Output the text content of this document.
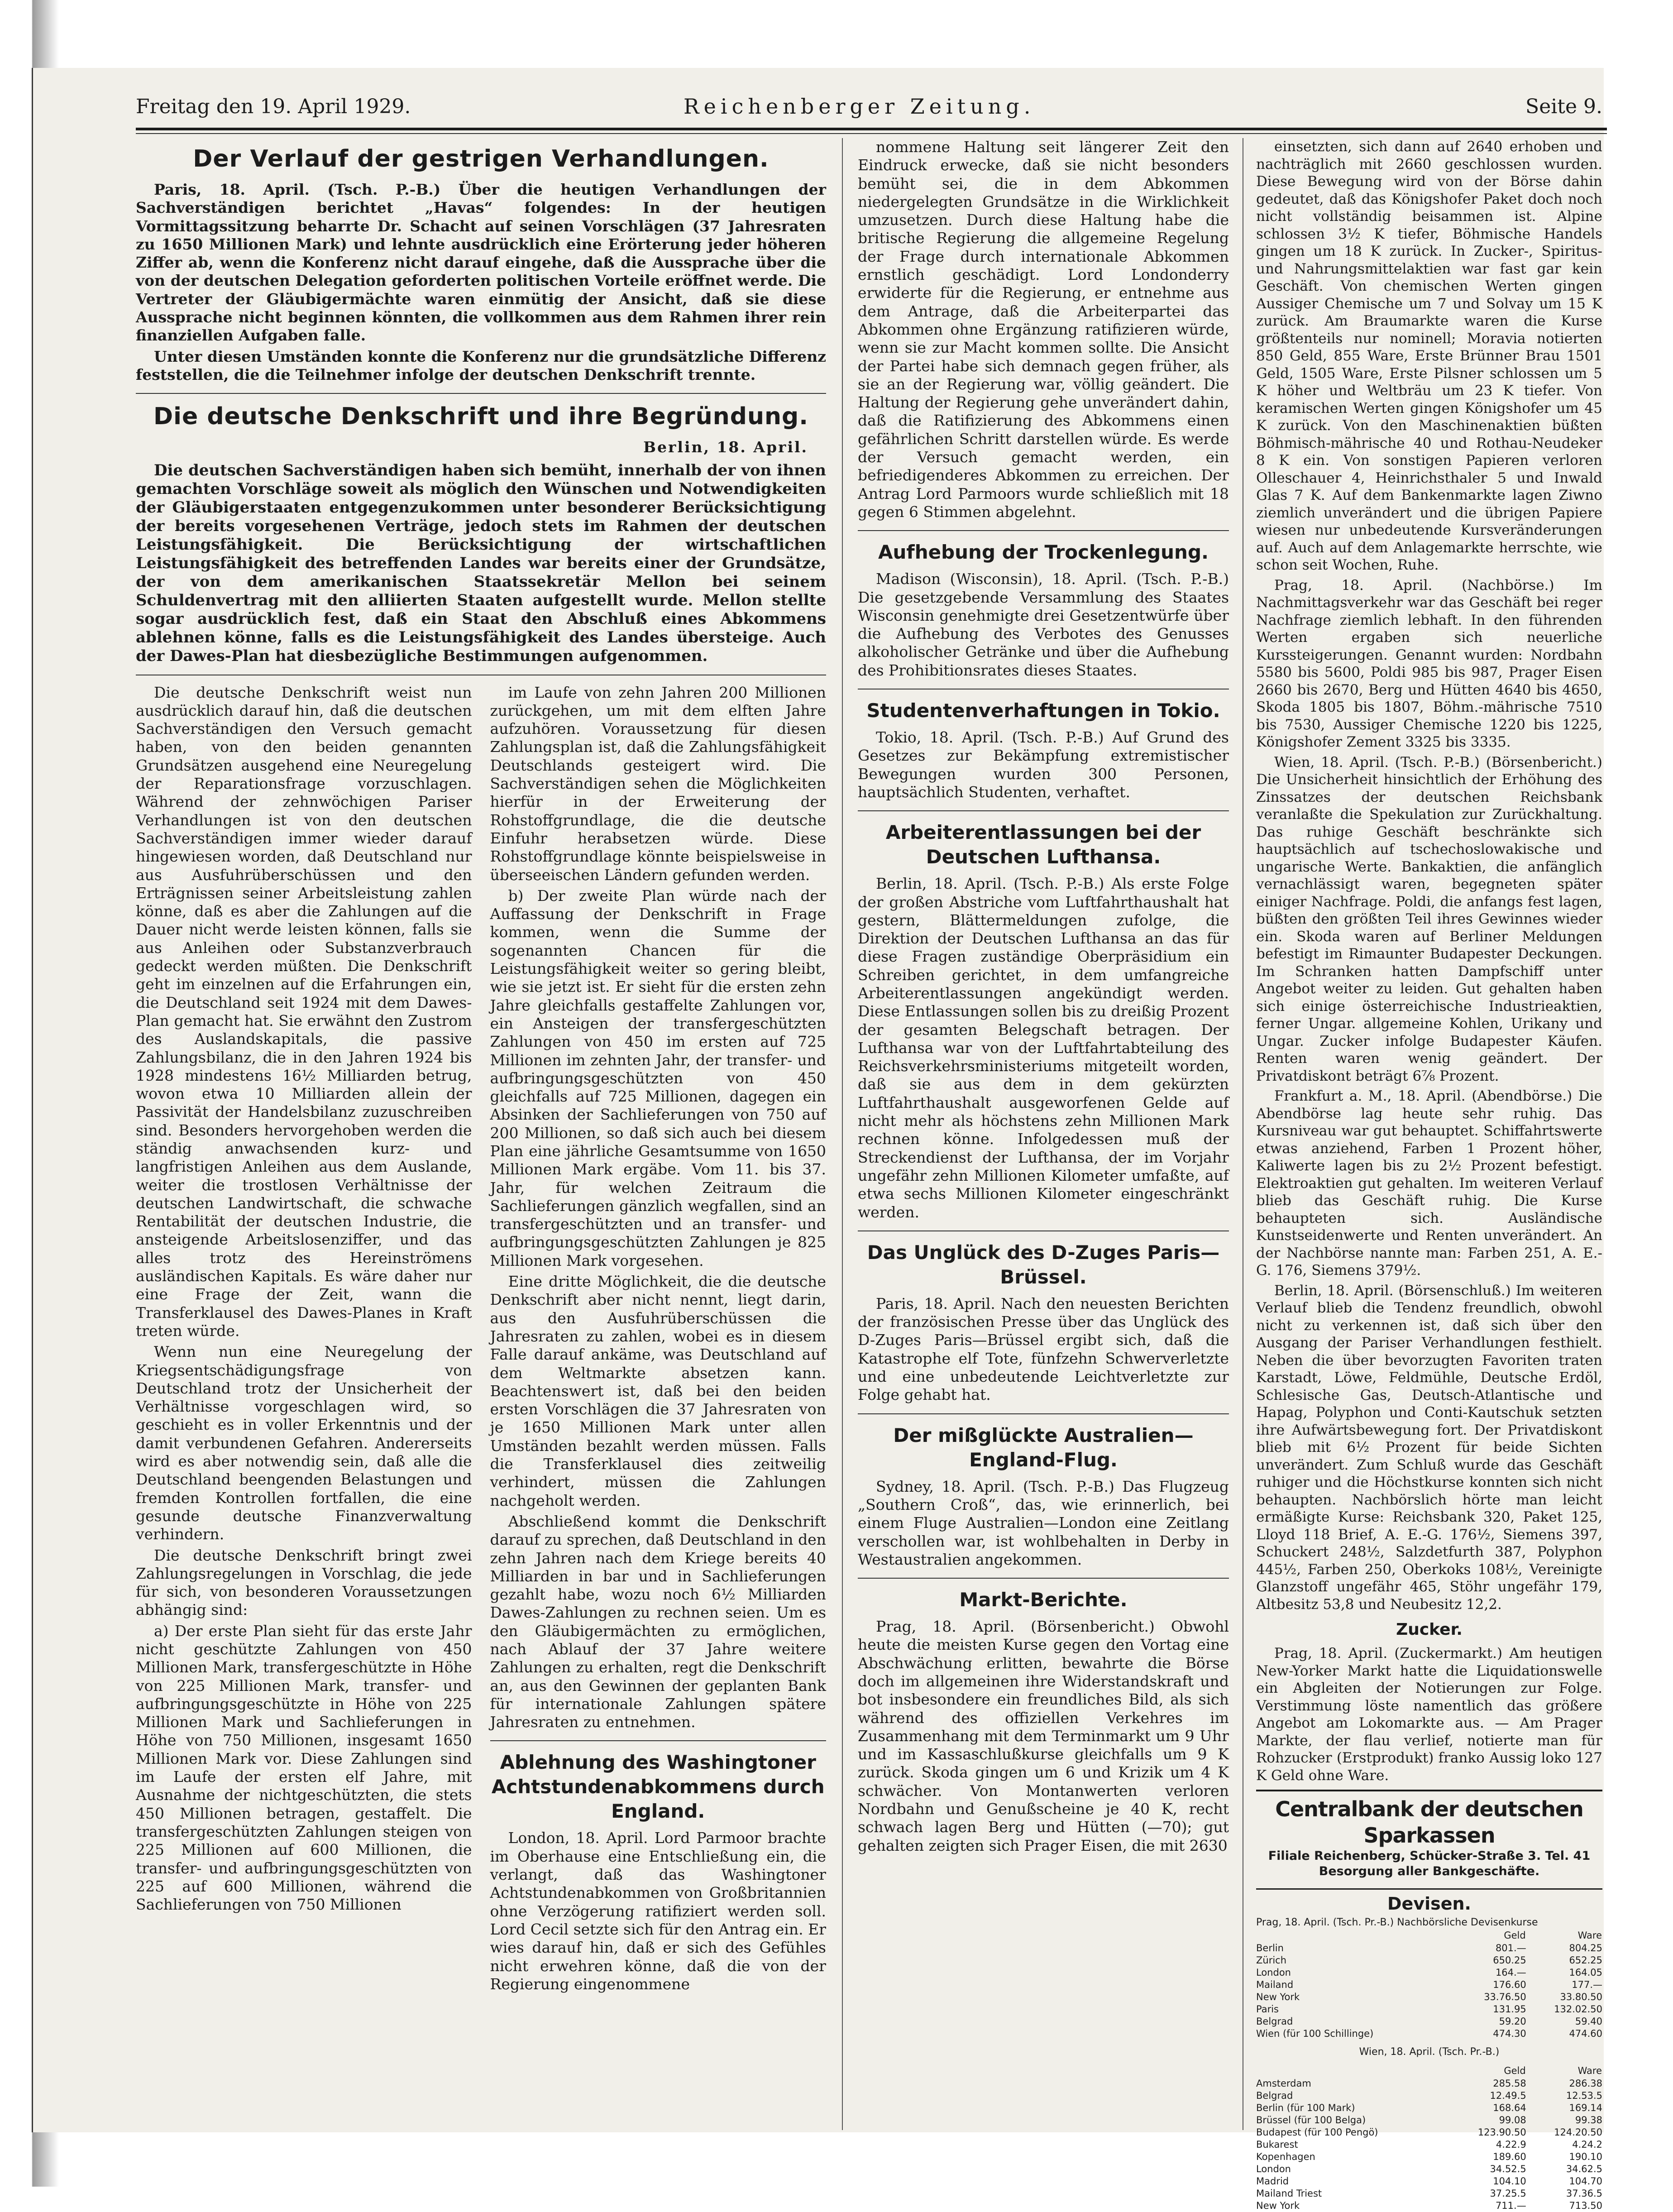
Freitag den 19. April 1929.	Reichenberger Zeitung.	Seite 9.
Der Verlauf der gestrigen Verhandlungen.

Paris, 18. April. (Tsch. P.-B.) Über die heutigen Verhandlungen der Sachverständigen berichtet „Havas“ folgendes: In der heutigen Vormittagssitzung beharrte Dr. Schacht auf seinen Vorschlägen (37 Jahresraten zu 1650 Millionen Mark) und lehnte ausdrücklich eine Erörterung jeder höheren Ziffer ab, wenn die Konferenz nicht darauf eingehe, daß die Aussprache über die von der deutschen Delegation geforderten politischen Vorteile eröffnet werde. Die Vertreter der Gläubigermächte waren einmütig der Ansicht, daß sie diese Aussprache nicht beginnen könnten, die vollkommen aus dem Rahmen ihrer rein finanziellen Aufgaben falle.

Unter diesen Umständen konnte die Konferenz nur die grundsätzliche Differenz feststellen, die die Teilnehmer infolge der deutschen Denkschrift trennte.

Die deutsche Denkschrift und ihre Begründung.
Berlin, 18. April.

Die deutschen Sachverständigen haben sich bemüht, innerhalb der von ihnen gemachten Vorschläge soweit als möglich den Wünschen und Notwendigkeiten der Gläubigerstaaten entgegenzukommen unter besonderer Berücksichtigung der bereits vorgesehenen Verträge, jedoch stets im Rahmen der deutschen Leistungsfähigkeit. Die Berücksichtigung der wirtschaftlichen Leistungsfähigkeit des betreffenden Landes war bereits einer der Grundsätze, der von dem amerikanischen Staatssekretär Mellon bei seinem Schuldenvertrag mit den alliierten Staaten aufgestellt wurde. Mellon stellte sogar ausdrücklich fest, daß ein Staat den Abschluß eines Abkommens ablehnen könne, falls es die Leistungsfähigkeit des Landes übersteige. Auch der Dawes-Plan hat diesbezügliche Bestimmungen aufgenommen.

Die deutsche Denkschrift weist nun ausdrücklich darauf hin, daß die deutschen Sachverständigen den Versuch gemacht haben, von den beiden genannten Grundsätzen ausgehend eine Neuregelung der Reparationsfrage vorzuschlagen. Während der zehnwöchigen Pariser Verhandlungen ist von den deutschen Sachverständigen immer wieder darauf hingewiesen worden, daß Deutschland nur aus Ausfuhrüberschüssen und den Erträgnissen seiner Arbeitsleistung zahlen könne, daß es aber die Zahlungen auf die Dauer nicht werde leisten können, falls sie aus Anleihen oder Substanzverbrauch gedeckt werden müßten. Die Denkschrift geht im einzelnen auf die Erfahrungen ein, die Deutschland seit 1924 mit dem Dawes-Plan gemacht hat. Sie erwähnt den Zustrom des Auslandskapitals, die passive Zahlungsbilanz, die in den Jahren 1924 bis 1928 mindestens 16½ Milliarden betrug, wovon etwa 10 Milliarden allein der Passivität der Handelsbilanz zuzuschreiben sind. Besonders hervorgehoben werden die ständig anwachsenden kurz- und langfristigen Anleihen aus dem Auslande, weiter die trostlosen Verhältnisse der deutschen Landwirtschaft, die schwache Rentabilität der deutschen Industrie, die ansteigende Arbeitslosenziffer, und das alles trotz des Hereinströmens ausländischen Kapitals. Es wäre daher nur eine Frage der Zeit, wann die Transferklausel des Dawes-Planes in Kraft treten würde.

Wenn nun eine Neuregelung der Kriegsentschädigungsfrage von Deutschland trotz der Unsicherheit der Verhältnisse vorgeschlagen wird, so geschieht es in voller Erkenntnis und der damit verbundenen Gefahren. Andererseits wird es aber notwendig sein, daß alle die Deutschland beengenden Belastungen und fremden Kontrollen fortfallen, die eine gesunde deutsche Finanzverwaltung verhindern.

Die deutsche Denkschrift bringt zwei Zahlungsregelungen in Vorschlag, die jede für sich, von besonderen Voraussetzungen abhängig sind:

a) Der erste Plan sieht für das erste Jahr nicht geschützte Zahlungen von 450 Millionen Mark, transfergeschützte in Höhe von 225 Millionen Mark, transfer- und aufbringungsgeschützte in Höhe von 225 Millionen Mark und Sachlieferungen in Höhe von 750 Millionen, insgesamt 1650 Millionen Mark vor. Diese Zahlungen sind im Laufe der ersten elf Jahre, mit Ausnahme der nichtgeschützten, die stets 450 Millionen betragen, gestaffelt. Die transfergeschützten Zahlungen steigen von 225 Millionen auf 600 Millionen, die transfer- und aufbringungsgeschützten von 225 auf 600 Millionen, während die Sachlieferungen von 750 Millionen

im Laufe von zehn Jahren 200 Millionen zurückgehen, um mit dem elften Jahre aufzuhören. Voraussetzung für diesen Zahlungsplan ist, daß die Zahlungsfähigkeit Deutschlands gesteigert wird. Die Sachverständigen sehen die Möglichkeiten hierfür in der Erweiterung der Rohstoffgrundlage, die die deutsche Einfuhr herabsetzen würde. Diese Rohstoffgrundlage könnte beispielsweise in überseeischen Ländern gefunden werden.

b) Der zweite Plan würde nach der Auffassung der Denkschrift in Frage kommen, wenn die Summe der sogenannten Chancen für die Leistungsfähigkeit weiter so gering bleibt, wie sie jetzt ist. Er sieht für die ersten zehn Jahre gleichfalls gestaffelte Zahlungen vor, ein Ansteigen der transfergeschützten Zahlungen von 450 im ersten auf 725 Millionen im zehnten Jahr, der transfer- und aufbringungsgeschützten von 450 gleichfalls auf 725 Millionen, dagegen ein Absinken der Sachlieferungen von 750 auf 200 Millionen, so daß sich auch bei diesem Plan eine jährliche Gesamtsumme von 1650 Millionen Mark ergäbe. Vom 11. bis 37. Jahr, für welchen Zeitraum die Sachlieferungen gänzlich wegfallen, sind an transfergeschützten und an transfer- und aufbringungsgeschützten Zahlungen je 825 Millionen Mark vorgesehen.

Eine dritte Möglichkeit, die die deutsche Denkschrift aber nicht nennt, liegt darin, aus den Ausfuhrüberschüssen die Jahresraten zu zahlen, wobei es in diesem Falle darauf ankäme, was Deutschland auf dem Weltmarkte absetzen kann. Beachtenswert ist, daß bei den beiden ersten Vorschlägen die 37 Jahresraten von je 1650 Millionen Mark unter allen Umständen bezahlt werden müssen. Falls die Transferklausel dies zeitweilig verhindert, müssen die Zahlungen nachgeholt werden.

Abschließend kommt die Denkschrift darauf zu sprechen, daß Deutschland in den zehn Jahren nach dem Kriege bereits 40 Milliarden in bar und in Sachlieferungen gezahlt habe, wozu noch 6½ Milliarden Dawes-Zahlungen zu rechnen seien. Um es den Gläubigermächten zu ermöglichen, nach Ablauf der 37 Jahre weitere Zahlungen zu erhalten, regt die Denkschrift an, aus den Gewinnen der geplanten Bank für internationale Zahlungen spätere Jahresraten zu entnehmen.

Ablehnung des Washingtoner Achtstundenabkommens durch England.

London, 18. April. Lord Parmoor brachte im Oberhause eine Entschließung ein, die verlangt, daß das Washingtoner Achtstundenabkommen von Großbritannien ohne Verzögerung ratifiziert werden soll. Lord Cecil setzte sich für den Antrag ein. Er wies darauf hin, daß er sich des Gefühles nicht erwehren könne, daß die von der Regierung eingenommene

nommene Haltung seit längerer Zeit den Eindruck erwecke, daß sie nicht besonders bemüht sei, die in dem Abkommen niedergelegten Grundsätze in die Wirklichkeit umzusetzen. Durch diese Haltung habe die britische Regierung die allgemeine Regelung der Frage durch internationale Abkommen ernstlich geschädigt. Lord Londonderry erwiderte für die Regierung, er entnehme aus dem Antrage, daß die Arbeiterpartei das Abkommen ohne Ergänzung ratifizieren würde, wenn sie zur Macht kommen sollte. Die Ansicht der Partei habe sich demnach gegen früher, als sie an der Regierung war, völlig geändert. Die Haltung der Regierung gehe unverändert dahin, daß die Ratifizierung des Abkommens einen gefährlichen Schritt darstellen würde. Es werde der Versuch gemacht werden, ein befriedigenderes Abkommen zu erreichen. Der Antrag Lord Parmoors wurde schließlich mit 18 gegen 6 Stimmen abgelehnt.

Aufhebung der Trockenlegung.

Madison (Wisconsin), 18. April. (Tsch. P.-B.) Die gesetzgebende Versammlung des Staates Wisconsin genehmigte drei Gesetzentwürfe über die Aufhebung des Verbotes des Genusses alkoholischer Getränke und über die Aufhebung des Prohibitionsrates dieses Staates.

Studentenverhaftungen in Tokio.

Tokio, 18. April. (Tsch. P.-B.) Auf Grund des Gesetzes zur Bekämpfung extremistischer Bewegungen wurden 300 Personen, hauptsächlich Studenten, verhaftet.

Arbeiterentlassungen bei der Deutschen Lufthansa.

Berlin, 18. April. (Tsch. P.-B.) Als erste Folge der großen Abstriche vom Luftfahrthaushalt hat gestern, Blättermeldungen zufolge, die Direktion der Deutschen Lufthansa an das für diese Fragen zuständige Oberpräsidium ein Schreiben gerichtet, in dem umfangreiche Arbeiterentlassungen angekündigt werden. Diese Entlassungen sollen bis zu dreißig Prozent der gesamten Belegschaft betragen. Der Lufthansa war von der Luftfahrtabteilung des Reichsverkehrsministeriums mitgeteilt worden, daß sie aus dem in dem gekürzten Luftfahrthaushalt ausgeworfenen Gelde auf nicht mehr als höchstens zehn Millionen Mark rechnen könne. Infolgedessen muß der Streckendienst der Lufthansa, der im Vorjahr ungefähr zehn Millionen Kilometer umfaßte, auf etwa sechs Millionen Kilometer eingeschränkt werden.

Das Unglück des D-Zuges Paris—Brüssel.

Paris, 18. April. Nach den neuesten Berichten der französischen Presse über das Unglück des D-Zuges Paris—Brüssel ergibt sich, daß die Katastrophe elf Tote, fünfzehn Schwerverletzte und eine unbedeutende Leichtverletzte zur Folge gehabt hat.

Der mißglückte Australien—England-Flug.

Sydney, 18. April. (Tsch. P.-B.) Das Flugzeug „Southern Croß“, das, wie erinnerlich, bei einem Fluge Australien—London eine Zeitlang verschollen war, ist wohlbehalten in Derby in Westaustralien angekommen.

Markt-Berichte.

Prag, 18. April. (Börsenbericht.) Obwohl heute die meisten Kurse gegen den Vortag eine Abschwächung erlitten, bewahrte die Börse doch im allgemeinen ihre Widerstandskraft und bot insbesondere ein freundliches Bild, als sich während des offiziellen Verkehres im Zusammenhang mit dem Terminmarkt um 9 Uhr und im Kassaschlußkurse gleichfalls um 9 K zurück. Skoda gingen um 6 und Krizik um 4 K schwächer. Von Montanwerten verloren Nordbahn und Genußscheine je 40 K, recht schwach lagen Berg und Hütten (—70); gut gehalten zeigten sich Prager Eisen, die mit 2630

einsetzten, sich dann auf 2640 erhoben und nachträglich mit 2660 geschlossen wurden. Diese Bewegung wird von der Börse dahin gedeutet, daß das Königshofer Paket doch noch nicht vollständig beisammen ist. Alpine schlossen 3½ K tiefer, Böhmische Handels gingen um 18 K zurück. In Zucker-, Spiritus- und Nahrungsmittelaktien war fast gar kein Geschäft. Von chemischen Werten gingen Aussiger Chemische um 7 und Solvay um 15 K zurück. Am Braumarkte waren die Kurse größtenteils nur nominell; Moravia notierten 850 Geld, 855 Ware, Erste Brünner Brau 1501 Geld, 1505 Ware, Erste Pilsner schlossen um 5 K höher und Weltbräu um 23 K tiefer. Von keramischen Werten gingen Königshofer um 45 K zurück. Von den Maschinenaktien büßten Böhmisch-mährische 40 und Rothau-Neudeker 8 K ein. Von sonstigen Papieren verloren Olleschauer 4, Heinrichsthaler 5 und Inwald Glas 7 K. Auf dem Bankenmarkte lagen Ziwno ziemlich unverändert und die übrigen Papiere wiesen nur unbedeutende Kursveränderungen auf. Auch auf dem Anlagemarkte herrschte, wie schon seit Wochen, Ruhe.

Prag, 18. April. (Nachbörse.) Im Nachmittagsverkehr war das Geschäft bei reger Nachfrage ziemlich lebhaft. In den führenden Werten ergaben sich neuerliche Kurssteigerungen. Genannt wurden: Nordbahn 5580 bis 5600, Poldi 985 bis 987, Prager Eisen 2660 bis 2670, Berg und Hütten 4640 bis 4650, Skoda 1805 bis 1807, Böhm.-mährische 7510 bis 7530, Aussiger Chemische 1220 bis 1225, Königshofer Zement 3325 bis 3335.

Wien, 18. April. (Tsch. P.-B.) (Börsenbericht.) Die Unsicherheit hinsichtlich der Erhöhung des Zinssatzes der deutschen Reichsbank veranlaßte die Spekulation zur Zurückhaltung. Das ruhige Geschäft beschränkte sich hauptsächlich auf tschechoslowakische und ungarische Werte. Bankaktien, die anfänglich vernachlässigt waren, begegneten später einiger Nachfrage. Poldi, die anfangs fest lagen, büßten den größten Teil ihres Gewinnes wieder ein. Skoda waren auf Berliner Meldungen befestigt im Rimaunter Budapester Deckungen. Im Schranken hatten Dampfschiff unter Angebot weiter zu leiden. Gut gehalten haben sich einige österreichische Industrieaktien, ferner Ungar. allgemeine Kohlen, Urikany und Ungar. Zucker infolge Budapester Käufen. Renten waren wenig geändert. Der Privatdiskont beträgt 6⅞ Prozent.

Frankfurt a. M., 18. April. (Abendbörse.) Die Abendbörse lag heute sehr ruhig. Das Kursniveau war gut behauptet. Schiffahrtswerte etwas anziehend, Farben 1 Prozent höher, Kaliwerte lagen bis zu 2½ Prozent befestigt. Elektroaktien gut gehalten. Im weiteren Verlauf blieb das Geschäft ruhig. Die Kurse behaupteten sich. Ausländische Kunstseidenwerte und Renten unverändert. An der Nachbörse nannte man: Farben 251, A. E.-G. 176, Siemens 379½.

Berlin, 18. April. (Börsenschluß.) Im weiteren Verlauf blieb die Tendenz freundlich, obwohl nicht zu verkennen ist, daß sich über den Ausgang der Pariser Verhandlungen festhielt. Neben die über bevorzugten Favoriten traten Karstadt, Löwe, Feldmühle, Deutsche Erdöl, Schlesische Gas, Deutsch-Atlantische und Hapag, Polyphon und Conti-Kautschuk setzten ihre Aufwärtsbewegung fort. Der Privatdiskont blieb mit 6½ Prozent für beide Sichten unverändert. Zum Schluß wurde das Geschäft ruhiger und die Höchstkurse konnten sich nicht behaupten. Nachbörslich hörte man leicht ermäßigte Kurse: Reichsbank 320, Paket 125, Lloyd 118 Brief, A. E.-G. 176½, Siemens 397, Schuckert 248½, Salzdetfurth 387, Polyphon 445½, Farben 250, Oberkoks 108½, Vereinigte Glanzstoff ungefähr 465, Stöhr ungefähr 179, Altbesitz 53,8 und Neubesitz 12,2.

Zucker.

Prag, 18. April. (Zuckermarkt.) Am heutigen New-Yorker Markt hatte die Liquidationswelle ein Abgleiten der Notierungen zur Folge. Verstimmung löste namentlich das größere Angebot am Lokomarkte aus. — Am Prager Markte, der flau verlief, notierte man für Rohzucker (Erstprodukt) franko Aussig loko 127 K Geld ohne Ware.

Centralbank der deutschen Sparkassen
Filiale Reichenberg, Schücker-Straße 3. Tel. 41
Besorgung aller Bankgeschäfte.
Devisen.
Prag, 18. April. (Tsch. Pr.-B.) Nachbörsliche Devisenkurse
	Geld	Ware
Berlin	801.—	804.25
Zürich	650.25	652.25
London	164.—	164.05
Mailand	176.60	177.—
New York	33.76.50	33.80.50
Paris	131.95	132.02.50
Belgrad	59.20	59.40
Wien (für 100 Schillinge)	474.30	474.60
Wien, 18. April. (Tsch. Pr.-B.)
	Geld	Ware
Amsterdam	285.58	286.38
Belgrad	12.49.5	12.53.5
Berlin (für 100 Mark)	168.64	169.14
Brüssel (für 100 Belga)	99.08	99.38
Budapest (für 100 Pengö)	123.90.50	124.20.50
Bukarest	4.22.9	4.24.2
Kopenhagen	189.60	190.10
London	34.52.5	34.62.5
Madrid	104.10	104.70
Mailand Triest	37.25.5	37.36.5
New York	711.—	713.50
